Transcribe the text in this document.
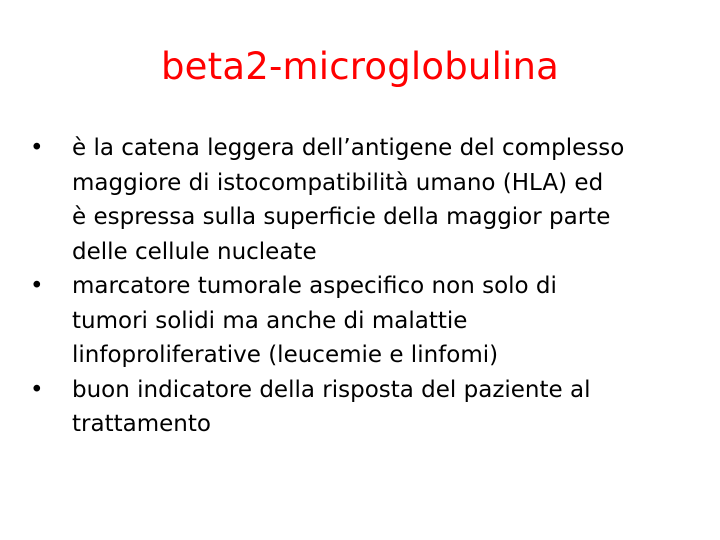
beta2-microglobulina
• è la catena leggera dell’antigene del complesso
maggiore di istocompatibilità umano (HLA) ed
è espressa sulla superficie della maggior parte
delle cellule nucleate
• marcatore tumorale aspecifico non solo di
tumori solidi ma anche di malattie
linfoproliferative (leucemie e linfomi)
• buon indicatore della risposta del paziente al
trattamento
